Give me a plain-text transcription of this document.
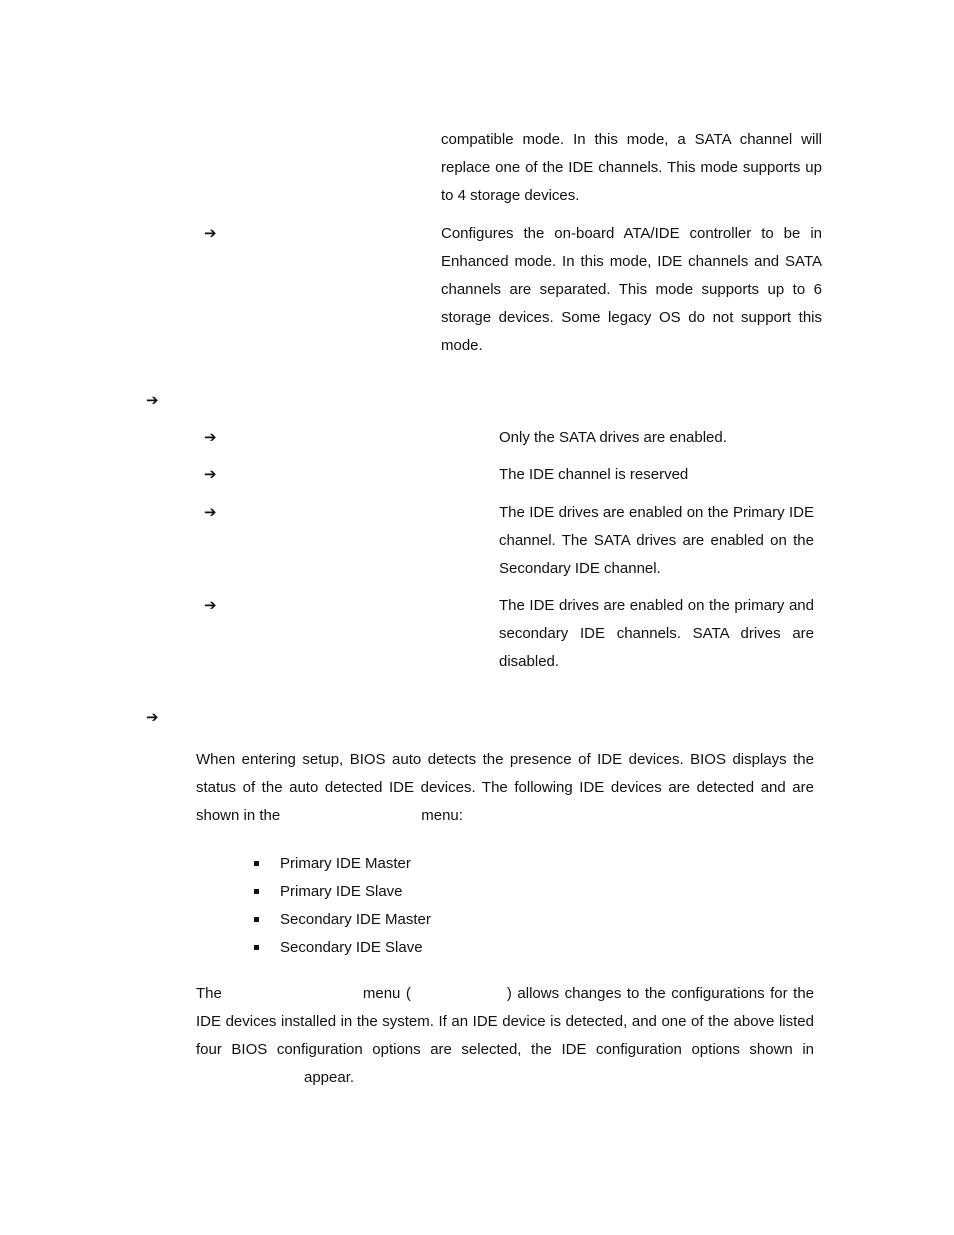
compatible mode. In this mode, a SATA channel will replace one of the IDE channels. This mode supports up to 4 storage devices.
➔	Configures the on-board ATA/IDE controller to be in Enhanced mode. In this mode, IDE channels and SATA channels are separated. This mode supports up to 6 storage devices. Some legacy OS do not support this mode.
➔
➔	Only the SATA drives are enabled.
➔	The IDE channel is reserved
➔	The IDE drives are enabled on the Primary IDE channel. The SATA drives are enabled on the Secondary IDE channel.
➔	The IDE drives are enabled on the primary and secondary IDE channels. SATA drives are disabled.
➔
When entering setup, BIOS auto detects the presence of IDE devices. BIOS displays the status of the auto detected IDE devices. The following IDE devices are detected and are shown in the	menu:
Primary IDE Master
Primary IDE Slave
Secondary IDE Master
Secondary IDE Slave
The	menu (	) allows changes to the configurations for the IDE devices installed in the system. If an IDE device is detected, and one of the above listed four BIOS configuration options are selected, the IDE configuration options shown inappear.
